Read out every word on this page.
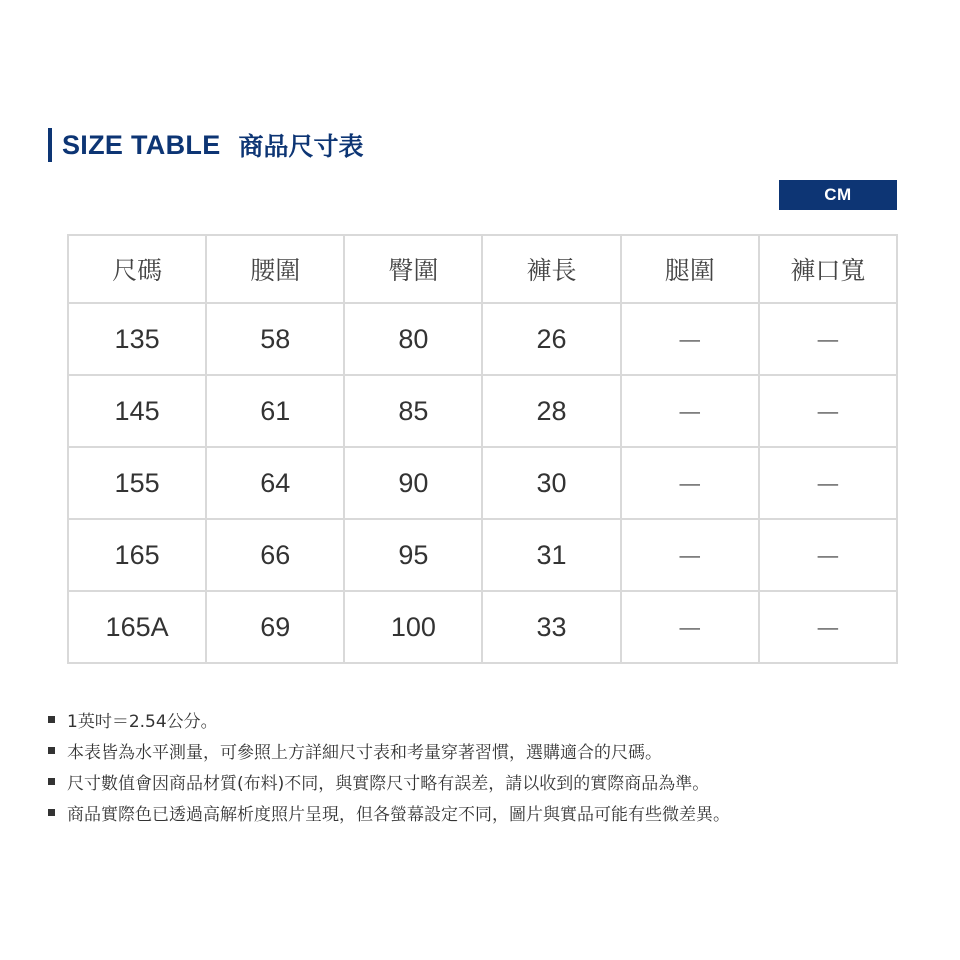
SIZE TABLE 商品尺寸表
CM
尺碼	腰圍	臀圍	褲長	腿圍	褲口寬
135	58	80	26	－	－
145	61	85	28	－	－
155	64	90	30	－	－
165	66	95	31	－	－
165A	69	100	33	－	－
1英吋＝2.54公分。
本表皆為水平測量，可參照上方詳細尺寸表和考量穿著習慣，選購適合的尺碼。
尺寸數值會因商品材質(布料)不同，與實際尺寸略有誤差，請以收到的實際商品為準。
商品實際色已透過高解析度照片呈現，但各螢幕設定不同，圖片與實品可能有些微差異。
